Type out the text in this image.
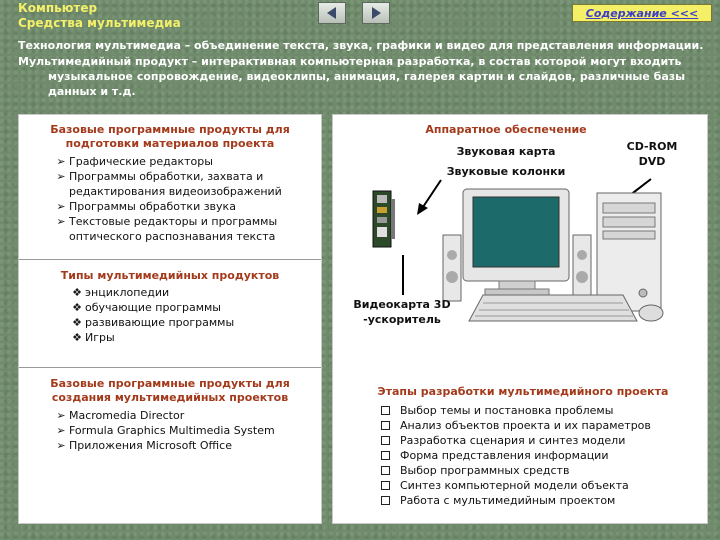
Компьютер
Средства мультимедиа
Содержание <<<
Технология мультимедиа – объединение текста, звука, графики и видео для представления информации.
Мультимедийный продукт – интерактивная компьютерная разработка, в состав которой могут входить музыкальное сопровождение, видеоклипы, анимация, галерея картин и слайдов, различные базы данных и т.д.
Базовые программные продукты для подготовки материалов проекта
➢ Графические редакторы
➢ Программы обработки, захвата и редактирования видеоизображений
➢ Программы обработки звука
➢ Текстовые редакторы и программы оптического распознавания текста
Типы мультимедийных продуктов
❖ энциклопедии
❖ обучающие программы
❖ развивающие программы
❖ Игры
Базовые программные продукты для создания мультимедийных проектов
➢ Macromedia Director
➢ Formula Graphics Multimedia System
➢ Приложения Microsoft Office
Аппаратное обеспечение
Звуковая карта
Звуковые колонки
CD-ROM
DVD
Видеокарта 3D -ускоритель
Этапы разработки мультимедийного проекта
Выбор темы и постановка проблемы
Анализ объектов проекта и их параметров
Разработка сценария и синтез модели
Форма представления информации
Выбор программных средств
Синтез компьютерной модели объекта
Работа с мультимедийным проектом
